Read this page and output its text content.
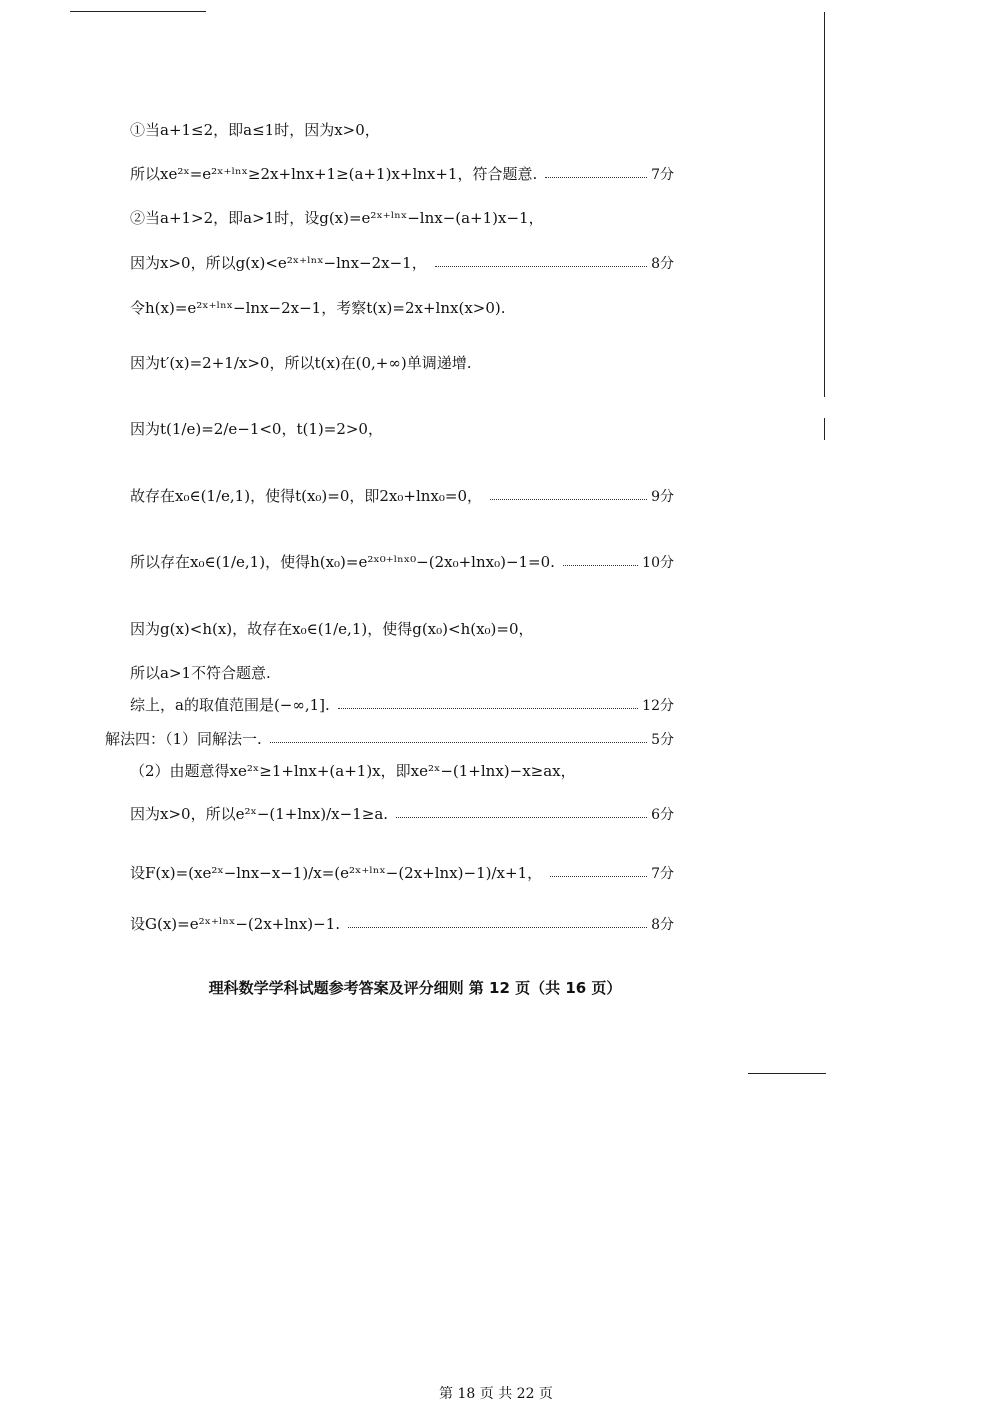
①当a+1≤2，即a≤1时，因为x>0，
所以xe²ˣ=e²ˣ⁺ˡⁿˣ≥2x+lnx+1≥(a+1)x+lnx+1，符合题意.	7分
②当a+1>2，即a>1时，设g(x)=e²ˣ⁺ˡⁿˣ−lnx−(a+1)x−1，
因为x>0，所以g(x)<e²ˣ⁺ˡⁿˣ−lnx−2x−1，	8分
令h(x)=e²ˣ⁺ˡⁿˣ−lnx−2x−1，考察t(x)=2x+lnx(x>0).
因为t′(x)=2+1/x>0，所以t(x)在(0,+∞)单调递增.
因为t(1/e)=2/e−1<0，t(1)=2>0，
故存在x₀∈(1/e,1)，使得t(x₀)=0，即2x₀+lnx₀=0，	9分
所以存在x₀∈(1/e,1)，使得h(x₀)=e²ˣ⁰⁺ˡⁿˣ⁰−(2x₀+lnx₀)−1=0.	10分
因为g(x)<h(x)，故存在x₀∈(1/e,1)，使得g(x₀)<h(x₀)=0，
所以a>1不符合题意.
综上，a的取值范围是(−∞,1].	12分
解法四：（1）同解法一.	5分
（2）由题意得xe²ˣ≥1+lnx+(a+1)x，即xe²ˣ−(1+lnx)−x≥ax，
因为x>0，所以e²ˣ−(1+lnx)/x−1≥a.	6分
设F(x)=(xe²ˣ−lnx−x−1)/x=(e²ˣ⁺ˡⁿˣ−(2x+lnx)−1)/x+1，	7分
设G(x)=e²ˣ⁺ˡⁿˣ−(2x+lnx)−1.	8分
理科数学学科试题参考答案及评分细则 第 12 页（共 16 页）
第 18 页 共 22 页
